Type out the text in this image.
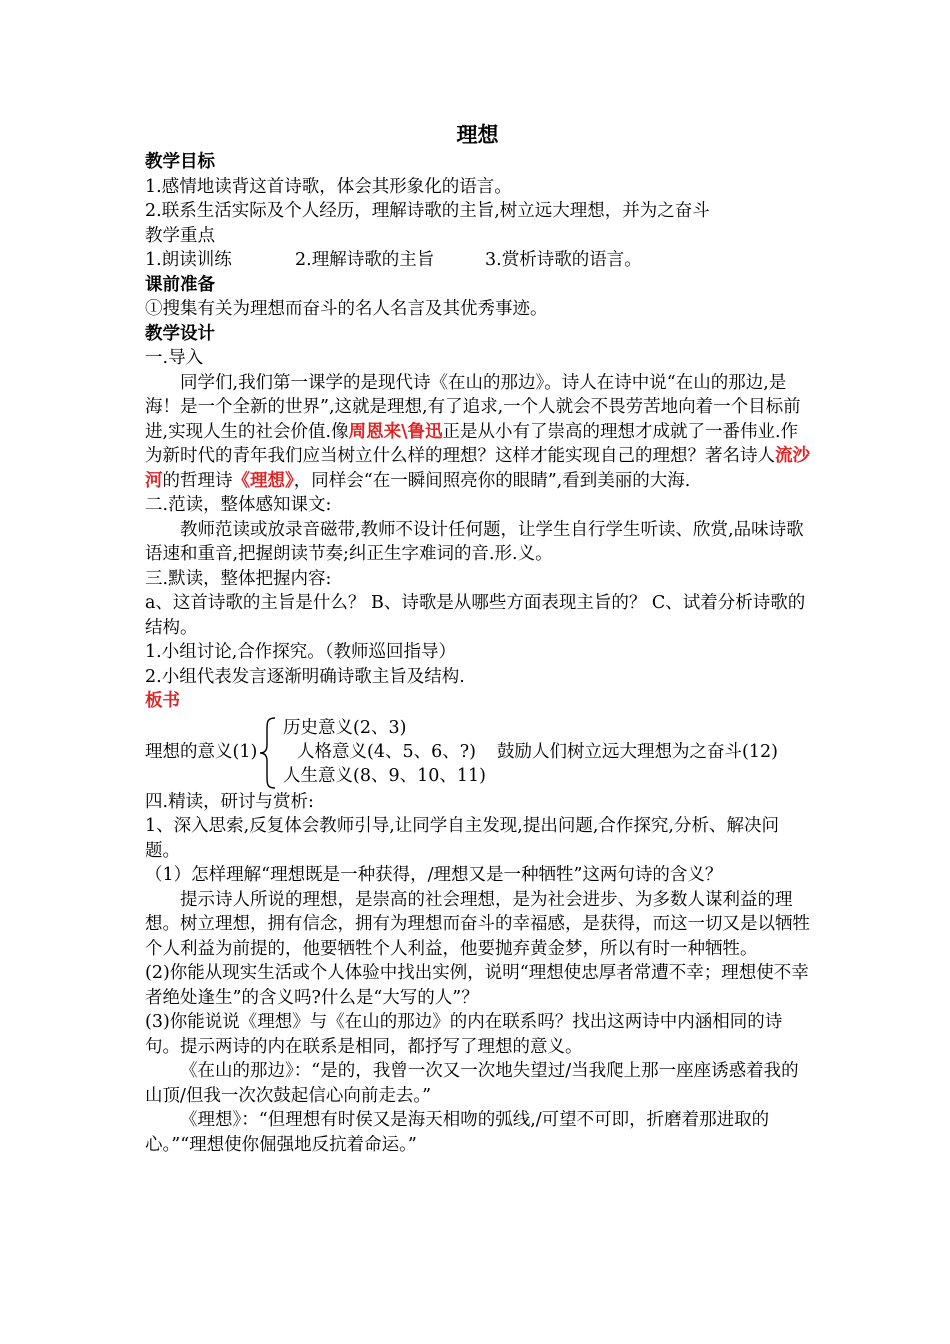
理想

教学目标

1.感情地读背这首诗歌，体会其形象化的语言。

2.联系生活实际及个人经历，理解诗歌的主旨,树立远大理想，并为之奋斗

教学重点

1.朗读训练	2.理解诗歌的主旨	3.赏析诗歌的语言。

课前准备

①搜集有关为理想而奋斗的名人名言及其优秀事迹。

教学设计

一.导入

同学们,我们第一课学的是现代诗《在山的那边》。诗人在诗中说“在山的那边,是海！是一个全新的世界”,这就是理想,有了追求,一个人就会不畏劳苦地向着一个目标前进,实现人生的社会价值.像周恩来\鲁迅正是从小有了崇高的理想才成就了一番伟业.作为新时代的青年我们应当树立什么样的理想？这样才能实现自己的理想？著名诗人流沙河的哲理诗《理想》，同样会“在一瞬间照亮你的眼睛”,看到美丽的大海.

二.范读，整体感知课文:

教师范读或放录音磁带,教师不设计任何题，让学生自行学生听读、欣赏,品味诗歌语速和重音,把握朗读节奏;纠正生字难词的音.形.义。

三.默读，整体把握内容:

a、这首诗歌的主旨是什么？ B、诗歌是从哪些方面表现主旨的？ C、试着分析诗歌的结构。

1.小组讨论,合作探究。（教师巡回指导）

2.小组代表发言逐渐明确诗歌主旨及结构.

板书

理想的意义(1)
历史意义(2、3)
人格意义(4、5、6、?)
人生意义(8、9、10、11)
鼓励人们树立远大理想为之奋斗(12)

四.精读，研讨与赏析:

1、深入思索,反复体会教师引导,让同学自主发现,提出问题,合作探究,分析、解决问题。

（1）怎样理解“理想既是一种获得，/理想又是一种牺牲”这两句诗的含义？

提示诗人所说的理想，是崇高的社会理想，是为社会进步、为多数人谋利益的理想。树立理想，拥有信念，拥有为理想而奋斗的幸福感，是获得，而这一切又是以牺牲个人利益为前提的，他要牺牲个人利益，他要抛弃黄金梦，所以有时一种牺牲。

(2)你能从现实生活或个人体验中找出实例，说明“理想使忠厚者常遭不幸；理想使不幸者绝处逢生”的含义吗?什么是“大写的人”？

(3)你能说说《理想》与《在山的那边》的内在联系吗？找出这两诗中内涵相同的诗句。提示两诗的内在联系是相同，都抒写了理想的意义。

《在山的那边》：“是的，我曾一次又一次地失望过/当我爬上那一座座诱惑着我的山顶/但我一次次鼓起信心向前走去。”

《理想》：“但理想有时侯又是海天相吻的弧线,/可望不可即，折磨着那进取的心。”“理想使你倔强地反抗着命运。”
